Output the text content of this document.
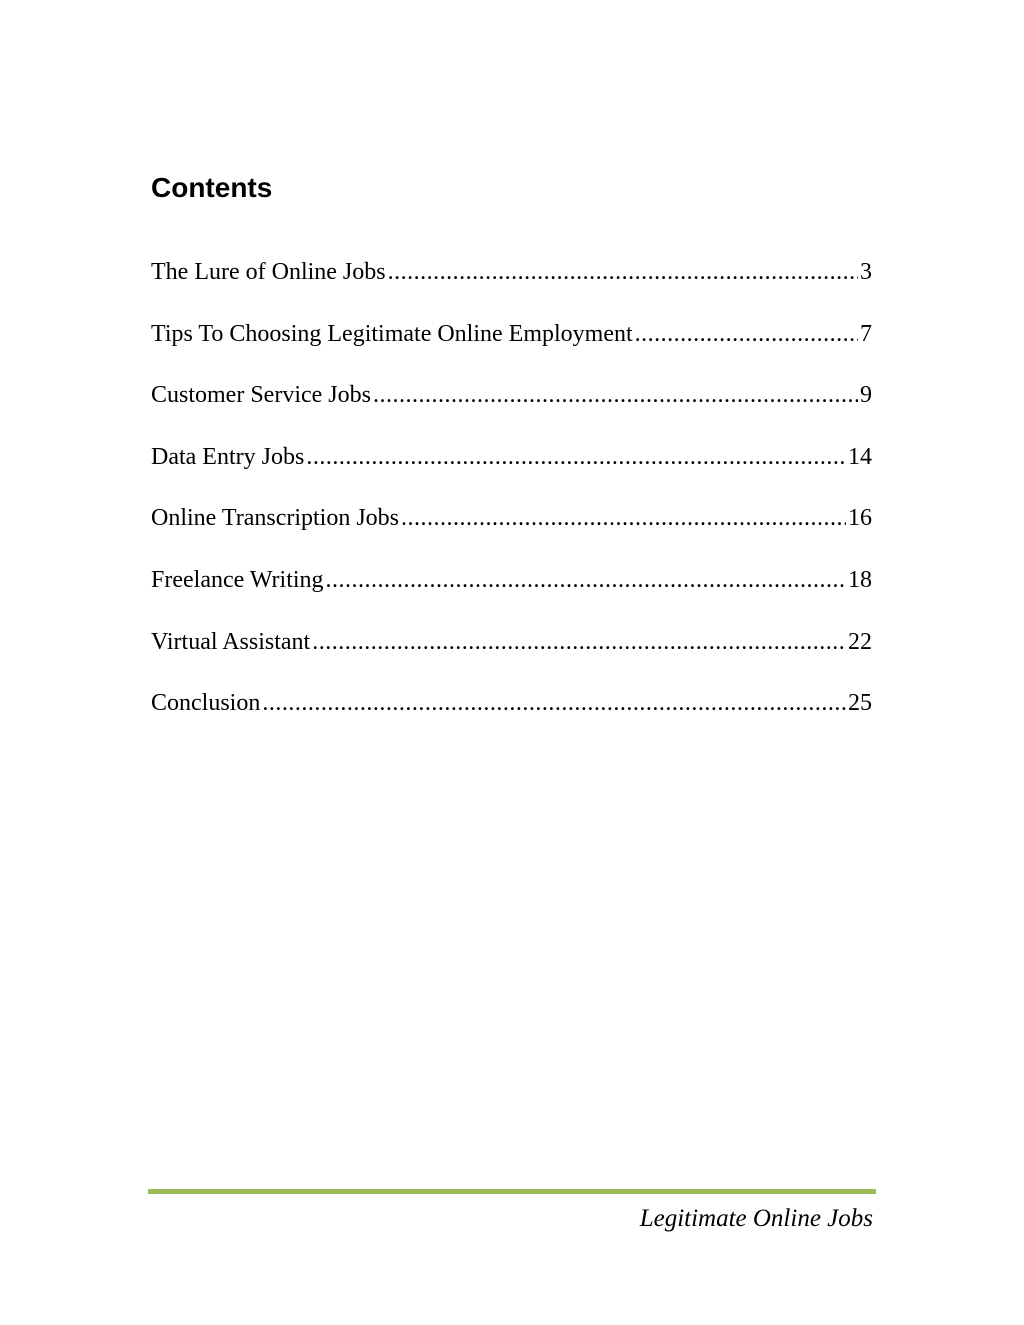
Contents
The Lure of Online Jobs .....	3
Tips To Choosing Legitimate Online Employment .....	7
Customer Service Jobs .....	9
Data Entry Jobs .....	14
Online Transcription Jobs .....	16
Freelance Writing .....	18
Virtual Assistant .....	22
Conclusion .....	25

Legitimate Online Jobs
